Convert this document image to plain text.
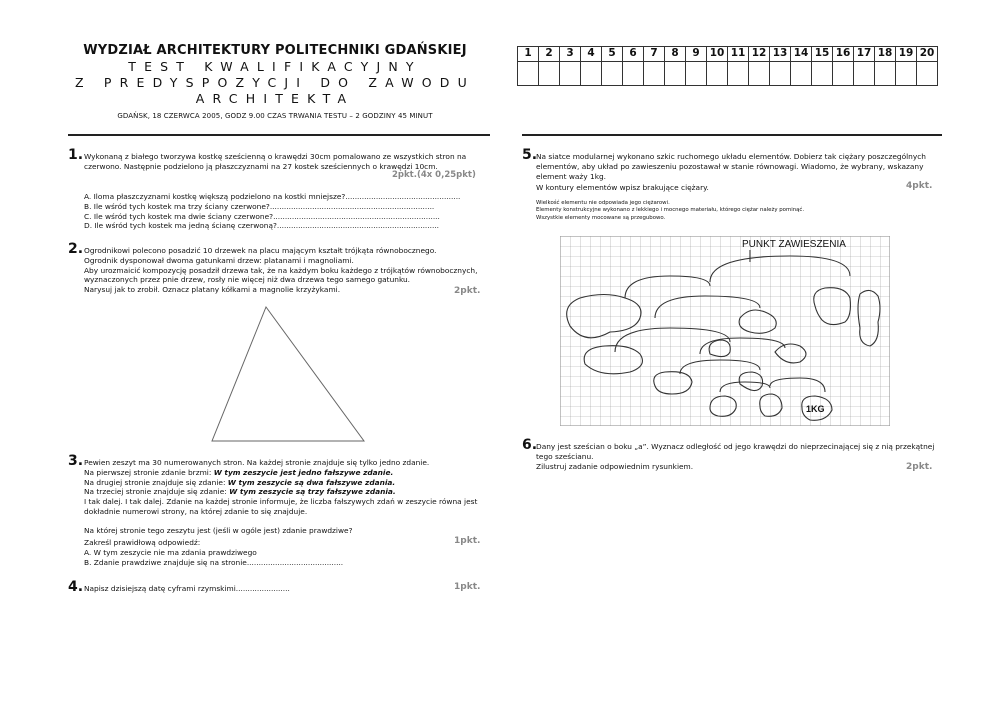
WYDZIAŁ ARCHITEKTURY POLITECHNIKI GDAŃSKIEJ
TEST KWALIFIKACYJNY
Z PREDYSPOZYCJI DO ZAWODU
ARCHITEKTA
GDAŃSK, 18 CZERWCA 2005, GODZ 9.00 CZAS TRWANIA TESTU – 2 GODZINY 45 MINUT
1	2	3	4	5	6	7	8	9	10	11	12	13	14	15	16	17	18	19	20

1. Wykonaną z białego tworzywa kostkę sześcienną o krawędzi 30cm pomalowano ze wszystkich stron na
czerwono. Następnie podzielono ją płaszczyznami na 27 kostek sześciennych o krawędzi 10cm.
2pkt.(4x 0,25pkt)
A. Iloma płaszczyznami kostkę większą podzielono na kostki mniejsze?.................................................
B. Ile wśród tych kostek ma trzy ściany czerwone?......................................................................
C. Ile wśród tych kostek ma dwie ściany czerwone?.......................................................................
D. Ile wśród tych kostek ma jedną ścianę czerwoną?.....................................................................
2. Ogrodnikowi polecono posadzić 10 drzewek na placu mającym kształt trójkąta równobocznego.
Ogrodnik dysponował dwoma gatunkami drzew: platanami i magnoliami.
Aby urozmaicić kompozycję posadził drzewa tak, że na każdym boku każdego z trójkątów równobocznych,
wyznaczonych przez pnie drzew, rosły nie więcej niż dwa drzewa tego samego gatunku.
Narysuj jak to zrobił. Oznacz platany kółkami a magnolie krzyżykami.	2pkt.
3. Pewien zeszyt ma 30 numerowanych stron. Na każdej stronie znajduje się tylko jedno zdanie.
Na pierwszej stronie zdanie brzmi: W tym zeszycie jest jedno fałszywe zdanie.
Na drugiej stronie znajduje się zdanie: W tym zeszycie są dwa fałszywe zdania.
Na trzeciej stronie znajduje się zdanie: W tym zeszycie są trzy fałszywe zdania.
I tak dalej. I tak dalej. Zdanie na każdej stronie informuje, że liczba fałszywych zdań w zeszycie równa jest
dokładnie numerowi strony, na której zdanie to się znajduje.
Na której stronie tego zeszytu jest (jeśli w ogóle jest) zdanie prawdziwe?
Zakreśl prawidłową odpowiedź:
A. W tym zeszycie nie ma zdania prawdziwego
B. Zdanie prawdziwe znajduje się na stronie.........................................
1pkt.
4. Napisz dzisiejszą datę cyframi rzymskimi.......................	1pkt.
5.
Na siatce modularnej wykonano szkic ruchomego układu elementów. Dobierz tak ciężary poszczególnych
elementów, aby układ po zawieszeniu pozostawał w stanie równowagi. Wiadomo, że wybrany, wskazany
element waży 1kg.
W kontury elementów wpisz brakujące ciężary.	4pkt.
Wielkość elementu nie odpowiada jego ciężarowi.
Elementy konstrukcyjne wykonano z lekkiego i mocnego materiału, którego ciężar należy pominąć.
Wszystkie elementy mocowane są przegubowo.
PUNKT ZAWIESZENIA
1KG
6.
Dany jest sześcian o boku „a”. Wyznacz odległość od jego krawędzi do nieprzecinającej się z nią przekątnej
tego sześcianu.
Zilustruj zadanie odpowiednim rysunkiem.	2pkt.
